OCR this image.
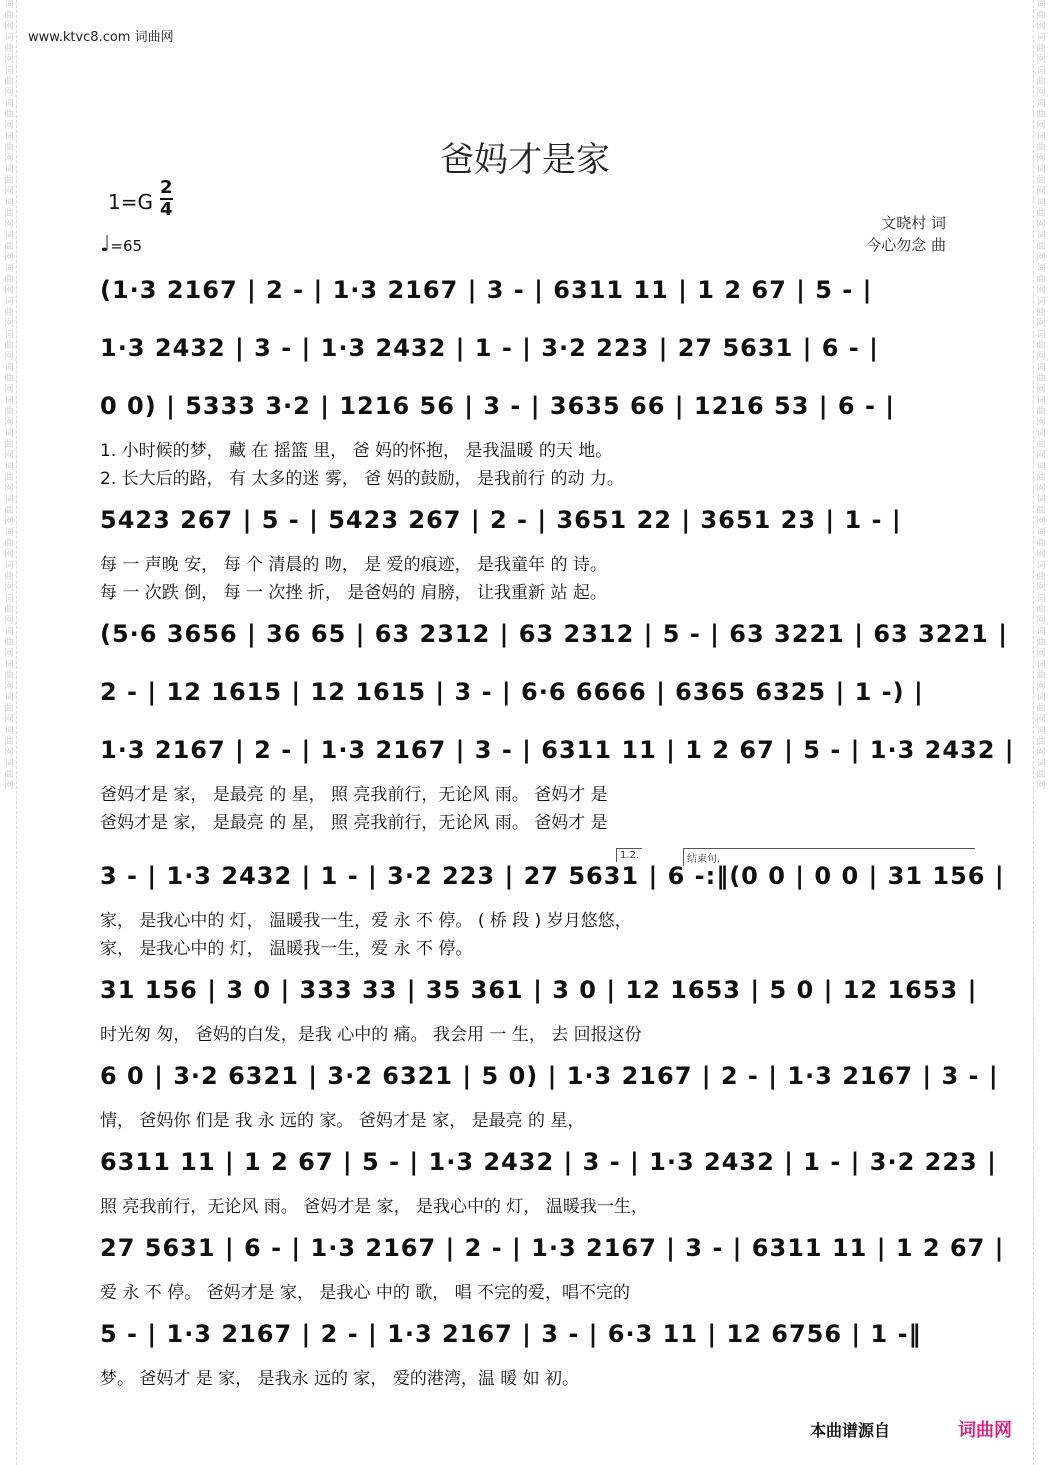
词
曲
网
词
曲
网
词
曲
网
词
曲
网
词
曲
网
词
曲
网
词
曲
网
词
曲
网
词
曲
网
词
曲
网
词
曲
网
词
曲
网
词
曲
网
词
曲
网
词
曲
网
词
曲
网
词
曲
网
词
曲
网
词
曲
网
词
曲
网
词
曲
网
词
曲
网
词
曲
网
词
曲
网
词
曲
网
词
曲
网
词
曲
网
词
曲
网
词
曲
网
词
曲
网
词
曲
网
词
曲
网
词
曲
网
词
曲
网
词
曲
网
词
曲
网
词
曲
网
词
曲
网
词
曲
网
词
曲
网
词
曲
网
词
曲
网
词
曲
网
词
曲
网
词
曲
网
词
曲
网
词
曲
网
词
曲
网
www.ktvc8.com 词曲网
爸妈才是家
1=G
2
4
♩=65
文晓村 词
今心勿念 曲
(1·3 2167 | 2 - | 1·3 2167 | 3 - | 6311 11 | 1 2 67 | 5 - |
1·3 2432 | 3 - | 1·3 2432 | 1 - | 3·2 223 | 27 5631 | 6 - |
0 0) | 5333 3·2 | 1216 56 | 3 - | 3635 66 | 1216 53 | 6 - |
1. 小时候的梦， 藏 在 摇篮 里， 爸 妈的怀抱， 是我温暖 的天 地。
2. 长大后的路， 有 太多的迷 雾， 爸 妈的鼓励， 是我前行 的动 力。
5423 267 | 5 - | 5423 267 | 2 - | 3651 22 | 3651 23 | 1 - |
每 一 声晚 安， 每 个 清晨的 吻， 是 爱的痕迹， 是我童年 的 诗。
每 一 次跌 倒， 每 一 次挫 折， 是爸妈的 肩膀， 让我重新 站 起。
(5·6 3656 | 36 65 | 63 2312 | 63 2312 | 5 - | 63 3221 | 63 3221 |
2 - | 12 1615 | 12 1615 | 3 - | 6·6 6666 | 6365 6325 | 1 -) |
1·3 2167 | 2 - | 1·3 2167 | 3 - | 6311 11 | 1 2 67 | 5 - | 1·3 2432 |
爸妈才是 家， 是最亮 的 星， 照 亮我前行，无论风 雨。 爸妈才 是
爸妈才是 家， 是最亮 的 星， 照 亮我前行，无论风 雨。 爸妈才 是
3 - | 1·3 2432 | 1 - | 3·2 223 | 27 5631 | 6 -:‖(0 0 | 0 0 | 31 156 |
家， 是我心中的 灯， 温暖我一生，爱 永 不 停。 ( 桥 段 ) 岁月悠悠，
家， 是我心中的 灯， 温暖我一生，爱 永 不 停。
31 156 | 3 0 | 333 33 | 35 361 | 3 0 | 12 1653 | 5 0 | 12 1653 |
时光匆 匆， 爸妈的白发，是我 心中的 痛。 我会用 一 生， 去 回报这份
6 0 | 3·2 6321 | 3·2 6321 | 5 0) | 1·3 2167 | 2 - | 1·3 2167 | 3 - |
情， 爸妈你 们是 我 永 远的 家。 爸妈才是 家， 是最亮 的 星，
6311 11 | 1 2 67 | 5 - | 1·3 2432 | 3 - | 1·3 2432 | 1 - | 3·2 223 |
照 亮我前行，无论风 雨。 爸妈才是 家， 是我心中的 灯， 温暖我一生，
27 5631 | 6 - | 1·3 2167 | 2 - | 1·3 2167 | 3 - | 6311 11 | 1 2 67 |
爱 永 不 停。 爸妈才是 家， 是我心 中的 歌， 唱 不完的爱，唱不完的
5 - | 1·3 2167 | 2 - | 1·3 2167 | 3 - | 6·3 11 | 12 6756 | 1 -‖
梦。 爸妈才 是 家， 是我永 远的 家， 爱的港湾，温 暖 如 初。
1.2.	结束句.
本曲谱源自	词曲网
